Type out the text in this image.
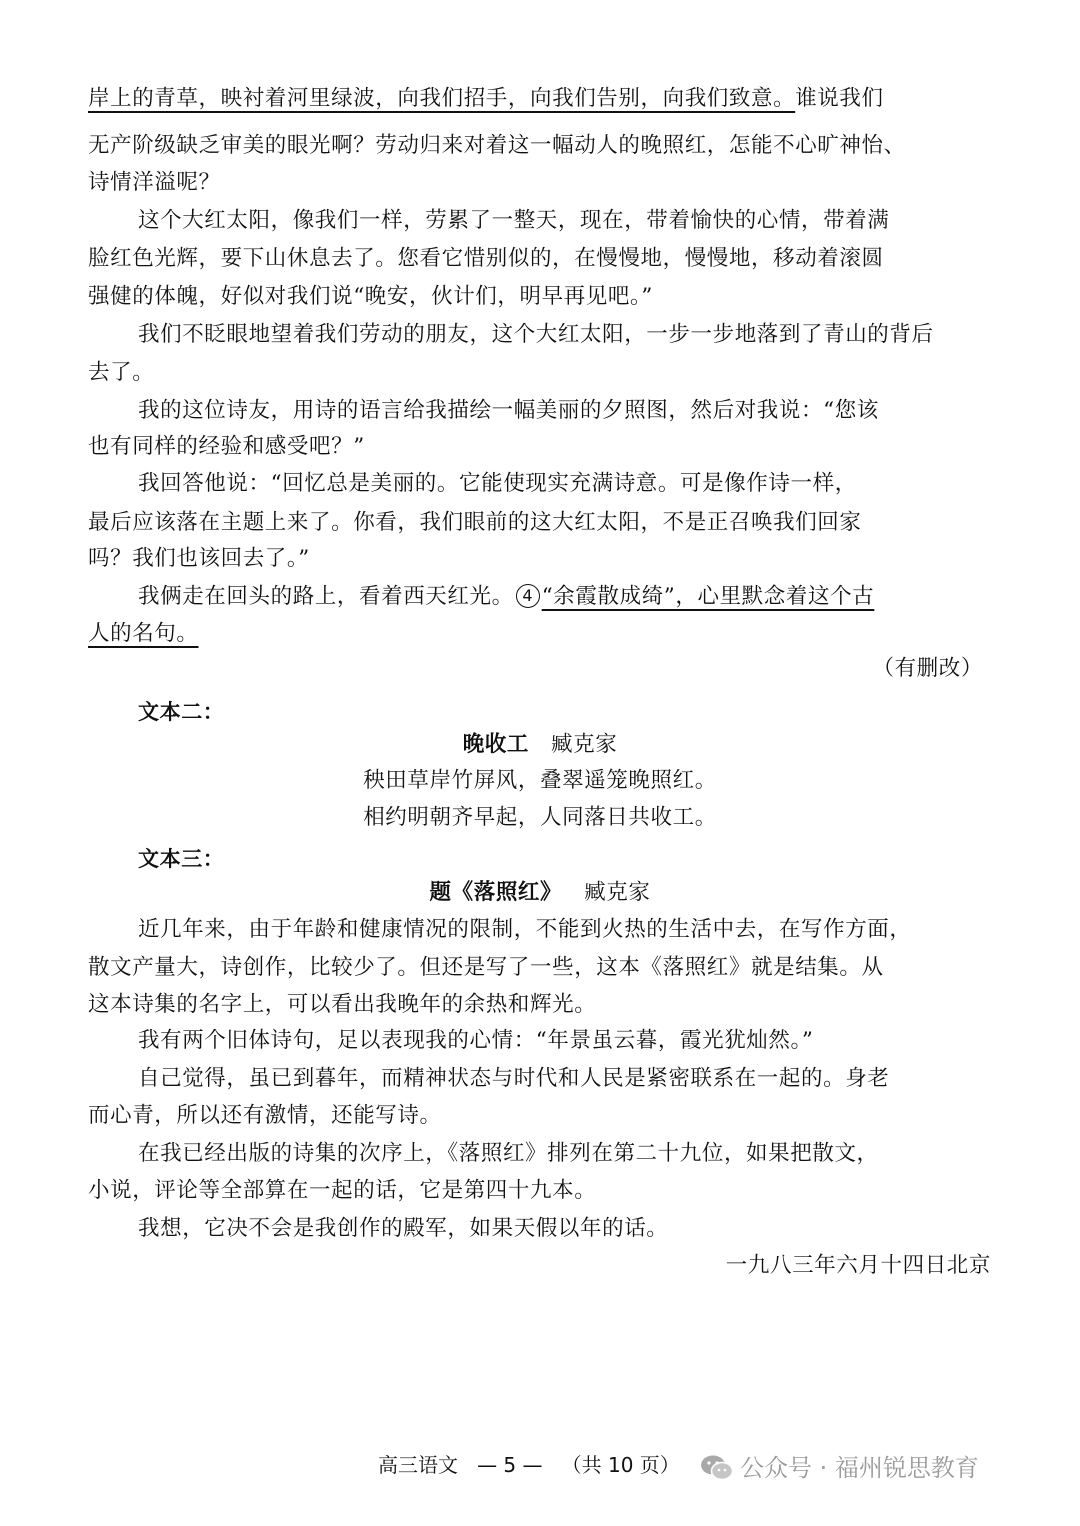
岸上的青草，映衬着河里绿波，向我们招手，向我们告别，向我们致意。谁说我们
无产阶级缺乏审美的眼光啊？劳动归来对着这一幅动人的晚照红，怎能不心旷神怡、
诗情洋溢呢？
这个大红太阳，像我们一样，劳累了一整天，现在，带着愉快的心情，带着满
脸红色光辉，要下山休息去了。您看它惜别似的，在慢慢地，慢慢地，移动着滚圆
强健的体魄，好似对我们说“晚安，伙计们，明早再见吧。”
我们不眨眼地望着我们劳动的朋友，这个大红太阳，一步一步地落到了青山的背后
去了。
我的这位诗友，用诗的语言给我描绘一幅美丽的夕照图，然后对我说：“您该
也有同样的经验和感受吧？”
我回答他说：“回忆总是美丽的。它能使现实充满诗意。可是像作诗一样，
最后应该落在主题上来了。你看，我们眼前的这大红太阳，不是正召唤我们回家
吗？我们也该回去了。”
我俩走在回头的路上，看着西天红光。 4 “余霞散成绮”，心里默念着这个古
人的名句。
（有删改）
文本二：
晚收工 臧克家
秧田草岸竹屏风，叠翠遥笼晚照红。
相约明朝齐早起，人同落日共收工。
文本三：
题《落照红》 臧克家
近几年来，由于年龄和健康情况的限制，不能到火热的生活中去，在写作方面，
散文产量大，诗创作，比较少了。但还是写了一些，这本《落照红》就是结集。从
这本诗集的名字上，可以看出我晚年的余热和辉光。
我有两个旧体诗句，足以表现我的心情：“年景虽云暮，霞光犹灿然。”
自己觉得，虽已到暮年，而精神状态与时代和人民是紧密联系在一起的。身老
而心青，所以还有激情，还能写诗。
在我已经出版的诗集的次序上，《落照红》排列在第二十九位，如果把散文，
小说，评论等全部算在一起的话，它是第四十九本。
我想，它决不会是我创作的殿军，如果天假以年的话。
一九八三年六月十四日北京
高三语文 — 5 — （共 10 页）	公众号 · 福州锐思教育
